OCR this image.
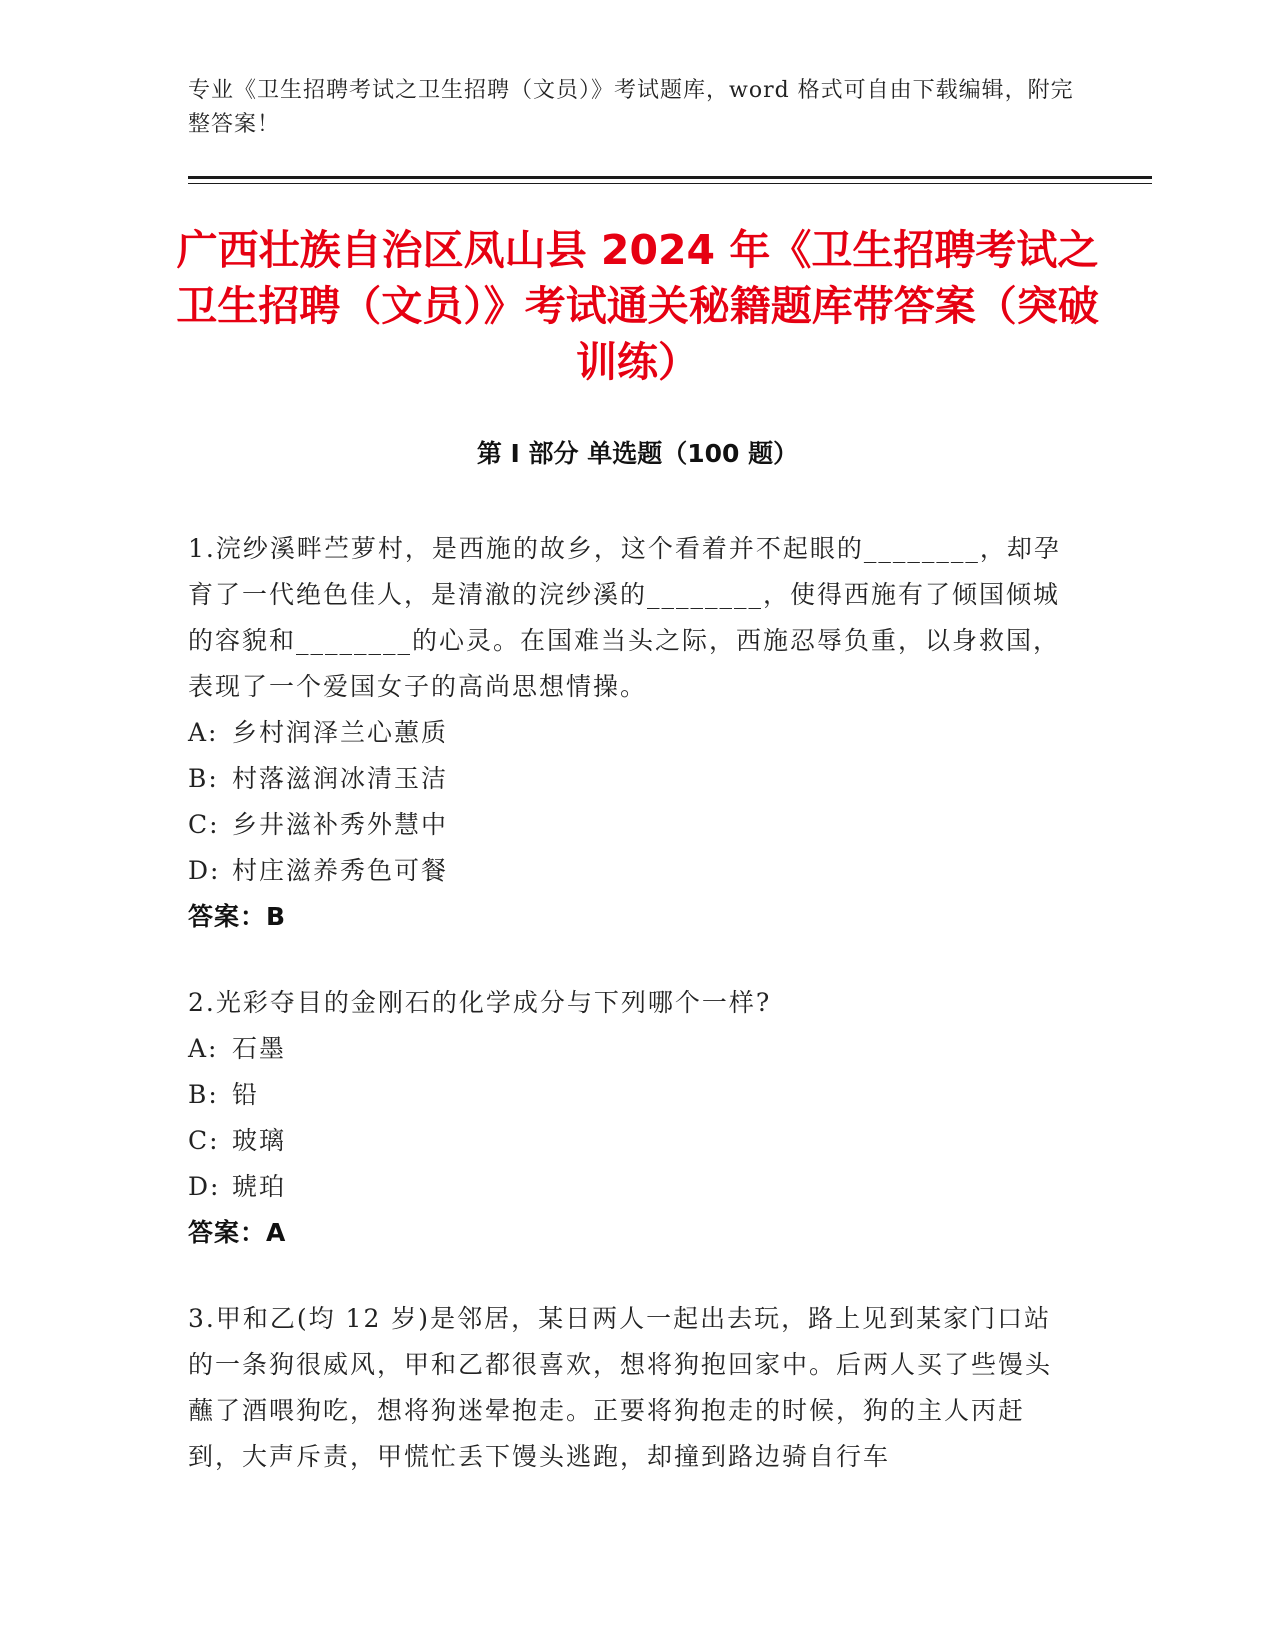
专业《卫生招聘考试之卫生招聘（文员）》考试题库，word 格式可自由下载编辑，附完整答案！
广西壮族自治区凤山县 2024 年《卫生招聘考试之卫生招聘（文员）》考试通关秘籍题库带答案（突破训练）
第 I 部分 单选题（100 题）
1.浣纱溪畔苎萝村，是西施的故乡，这个看着并不起眼的________，却孕育了一代绝色佳人，是清澈的浣纱溪的________，使得西施有了倾国倾城的容貌和________的心灵。在国难当头之际，西施忍辱负重，以身救国，表现了一个爱国女子的高尚思想情操。
A: 乡村润泽兰心蕙质
B: 村落滋润冰清玉洁
C: 乡井滋补秀外慧中
D: 村庄滋养秀色可餐
答案：B
2.光彩夺目的金刚石的化学成分与下列哪个一样?
A: 石墨
B: 铅
C: 玻璃
D: 琥珀
答案：A
3.甲和乙(均 12 岁)是邻居，某日两人一起出去玩，路上见到某家门口站的一条狗很威风，甲和乙都很喜欢，想将狗抱回家中。后两人买了些馒头蘸了酒喂狗吃，想将狗迷晕抱走。正要将狗抱走的时候，狗的主人丙赶到，大声斥责，甲慌忙丢下馒头逃跑，却撞到路边骑自行车
